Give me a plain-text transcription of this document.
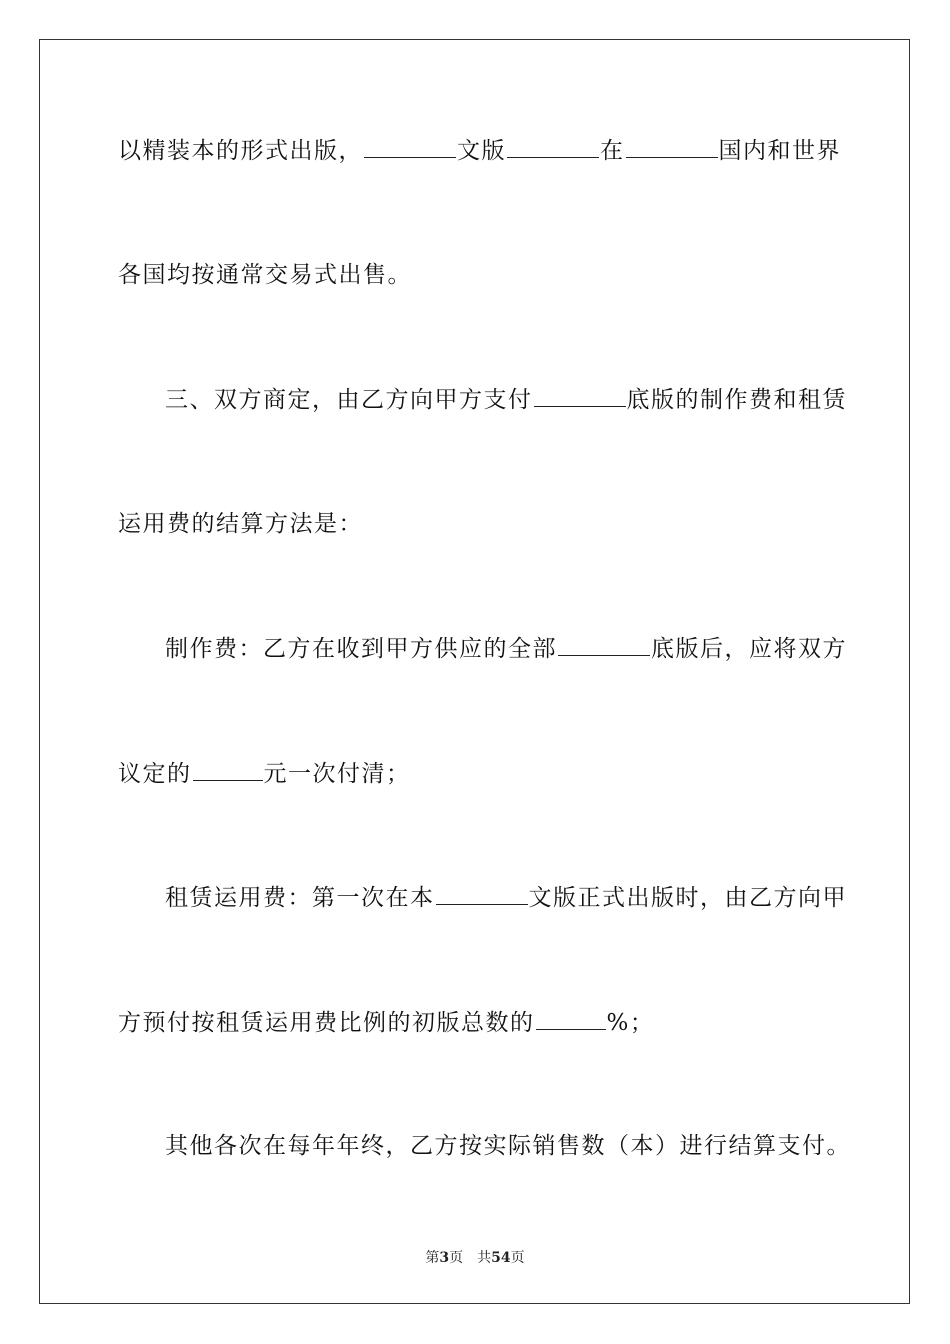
以精装本的形式出版，	文版	在	国内和世界
各国均按通常交易式出售。
三、双方商定，由乙方向甲方支付	底版的制作费和租赁
运用费的结算方法是：
制作费：乙方在收到甲方供应的全部	底版后，应将双方
议定的	元一次付清；
租赁运用费：第一次在本	文版正式出版时，由乙方向甲
方预付按租赁运用费比例的初版总数的	%；
其他各次在每年年终，乙方按实际销售数（本）进行结算支付。
第3页 共54页
